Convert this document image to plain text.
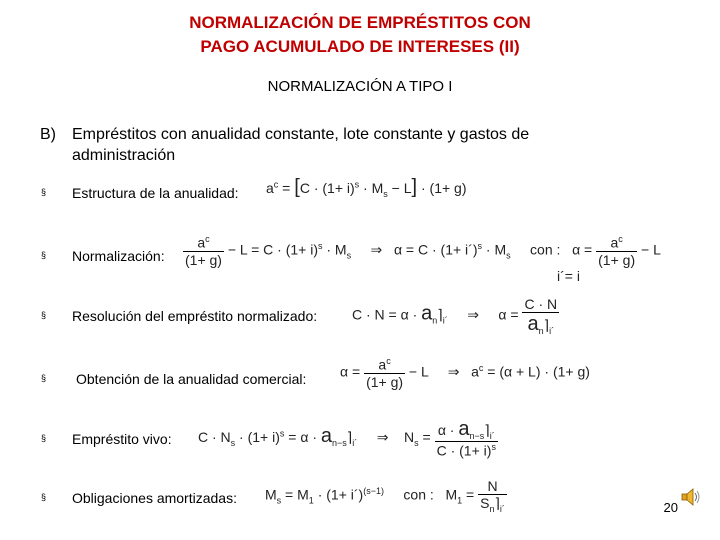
NORMALIZACIÓN DE EMPRÉSTITOS CON
PAGO ACUMULADO DE INTERESES (II)
NORMALIZACIÓN A TIPO I
B) Empréstitos con anualidad constante, lote constante y gastos de
administración
§
§
§
§
§
§
Estructura de la anualidad:
Normalización:
Resolución del empréstito normalizado:
Obtención de la anualidad comercial:
Empréstito vivo:
Obligaciones amortizadas:
$a^c = [C \cdot (1+ i)^s \cdot M_s - L] \cdot (1+ g)$
$\frac{a^c}{(1+ g)} - L = C \cdot (1+ i)^s \cdot M_s$     ⇒   α = C · (1+ i´)$^s$ · $M_s$     con :   $\alpha = \frac{a^c}{(1+ g)} - L$
i´= i
$C \cdot N = \alpha \cdot a_n⌉_{i´}$     ⇒     $\alpha = \frac{C \cdot N}{a_n⌉_{i´}}$
$\alpha = \frac{a^c}{(1+ g)} - L$     ⇒   $a^c = (\alpha + L) \cdot (1+ g)$
$C \cdot N_s \cdot (1+ i)^s = \alpha$ · $a_{n-s}⌉_{i´}$     ⇒    $N_s = \frac{\alpha \cdot a_{n-s}⌉_{i´}}{C \cdot (1+ i)^s}$
$M_s = M_1 \cdot (1+$ i´)$^{(s-1)}$     con :   $M_1 = \frac{N}{S_n⌉_{i´}}$	20
